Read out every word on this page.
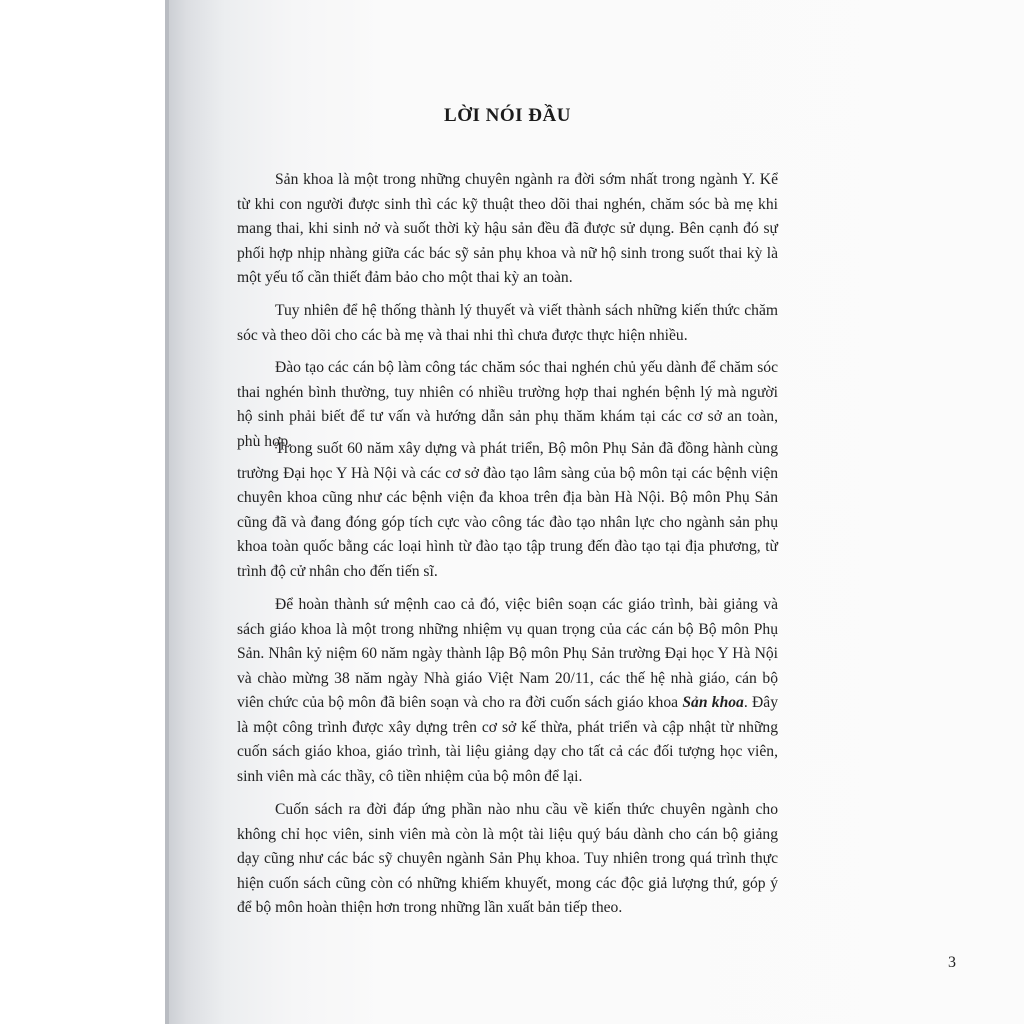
LỜI NÓI ĐẦU

Sản khoa là một trong những chuyên ngành ra đời sớm nhất trong ngành Y. Kể từ khi con người được sinh thì các kỹ thuật theo dõi thai nghén, chăm sóc bà mẹ khi mang thai, khi sinh nở và suốt thời kỳ hậu sản đều đã được sử dụng. Bên cạnh đó sự phối hợp nhịp nhàng giữa các bác sỹ sản phụ khoa và nữ hộ sinh trong suốt thai kỳ là một yếu tố cần thiết đảm bảo cho một thai kỳ an toàn.

Tuy nhiên để hệ thống thành lý thuyết và viết thành sách những kiến thức chăm sóc và theo dõi cho các bà mẹ và thai nhi thì chưa được thực hiện nhiều.

Đào tạo các cán bộ làm công tác chăm sóc thai nghén chủ yếu dành để chăm sóc thai nghén bình thường, tuy nhiên có nhiều trường hợp thai nghén bệnh lý mà người hộ sinh phải biết để tư vấn và hướng dẫn sản phụ thăm khám tại các cơ sở an toàn, phù hợp.

Trong suốt 60 năm xây dựng và phát triển, Bộ môn Phụ Sản đã đồng hành cùng trường Đại học Y Hà Nội và các cơ sở đào tạo lâm sàng của bộ môn tại các bệnh viện chuyên khoa cũng như các bệnh viện đa khoa trên địa bàn Hà Nội. Bộ môn Phụ Sản cũng đã và đang đóng góp tích cực vào công tác đào tạo nhân lực cho ngành sản phụ khoa toàn quốc bằng các loại hình từ đào tạo tập trung đến đào tạo tại địa phương, từ trình độ cử nhân cho đến tiến sĩ.

Để hoàn thành sứ mệnh cao cả đó, việc biên soạn các giáo trình, bài giảng và sách giáo khoa là một trong những nhiệm vụ quan trọng của các cán bộ Bộ môn Phụ Sản. Nhân kỷ niệm 60 năm ngày thành lập Bộ môn Phụ Sản trường Đại học Y Hà Nội và chào mừng 38 năm ngày Nhà giáo Việt Nam 20/11, các thế hệ nhà giáo, cán bộ viên chức của bộ môn đã biên soạn và cho ra đời cuốn sách giáo khoa Sản khoa. Đây là một công trình được xây dựng trên cơ sở kế thừa, phát triển và cập nhật từ những cuốn sách giáo khoa, giáo trình, tài liệu giảng dạy cho tất cả các đối tượng học viên, sinh viên mà các thầy, cô tiền nhiệm của bộ môn để lại.

Cuốn sách ra đời đáp ứng phần nào nhu cầu về kiến thức chuyên ngành cho không chỉ học viên, sinh viên mà còn là một tài liệu quý báu dành cho cán bộ giảng dạy cũng như các bác sỹ chuyên ngành Sản Phụ khoa. Tuy nhiên trong quá trình thực hiện cuốn sách cũng còn có những khiếm khuyết, mong các độc giả lượng thứ, góp ý để bộ môn hoàn thiện hơn trong những lần xuất bản tiếp theo.

3
